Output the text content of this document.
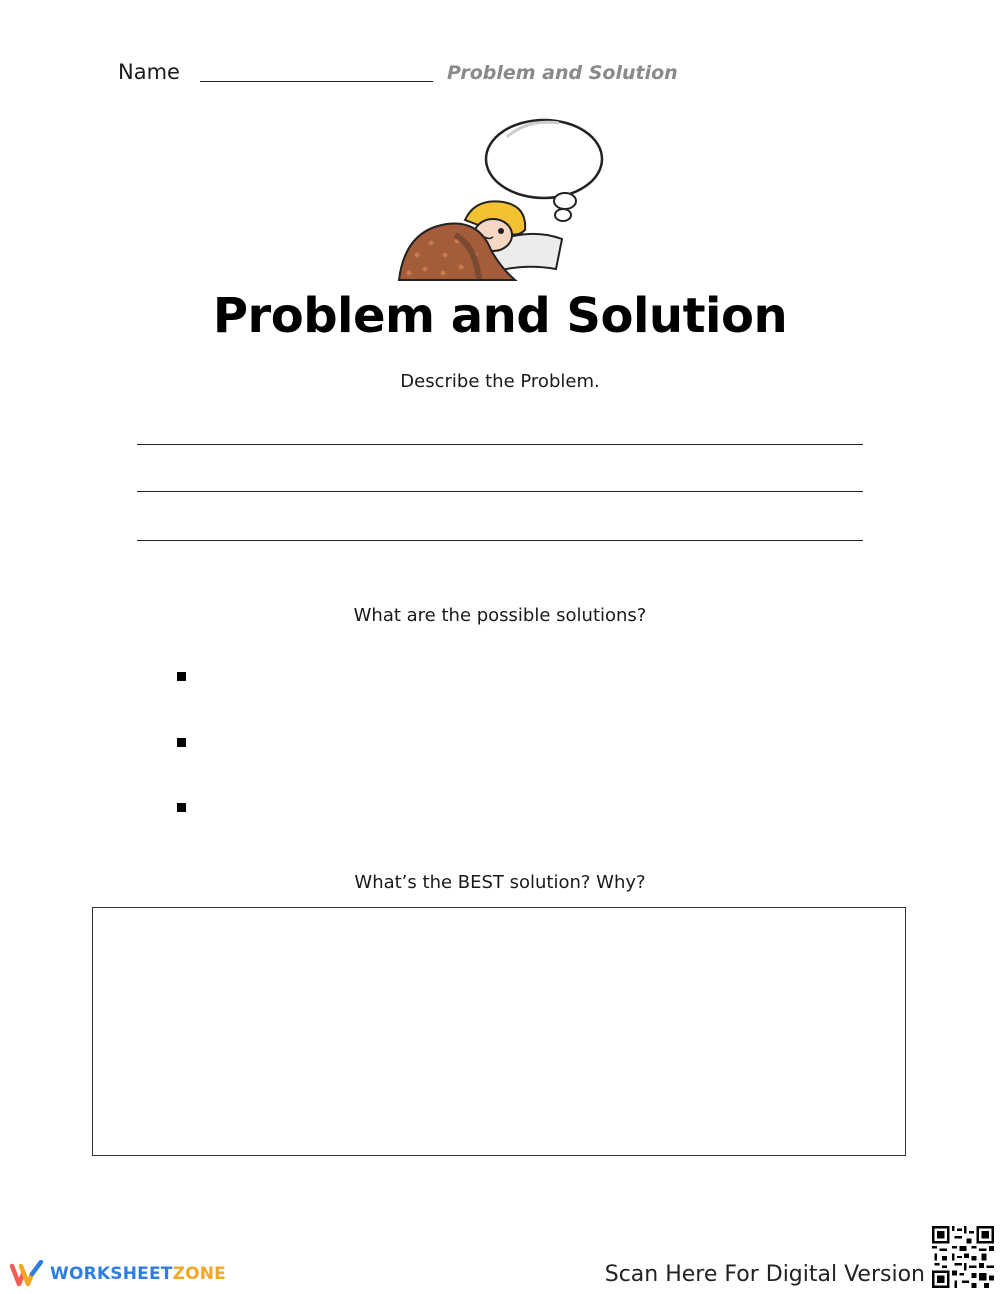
Name	Problem and Solution
Problem and Solution
Describe the Problem.
What are the possible solutions?
What’s the BEST solution? Why?
WORKSHEETZONE	Scan Here For Digital Version
